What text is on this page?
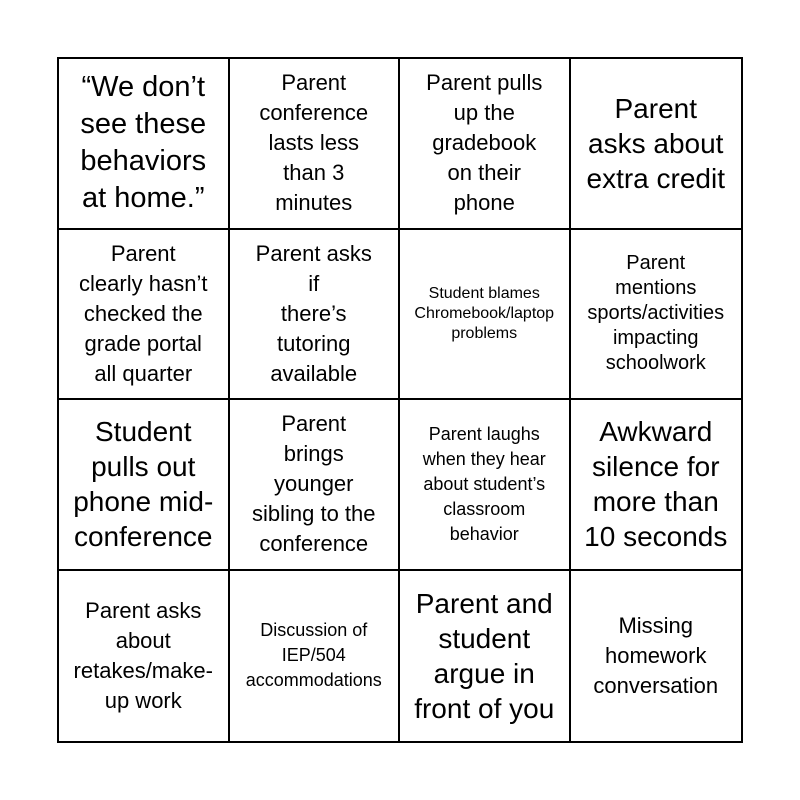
“We don’t
see these
behaviors
at home.”
Parent
conference
lasts less
than 3
minutes
Parent pulls
up the
gradebook
on their
phone
Parent
asks about
extra credit
Parent
clearly hasn’t
checked the
grade portal
all quarter
Parent asks
if
there’s
tutoring
available
Student blames
Chromebook/laptop
problems
Parent
mentions
sports/activities
impacting
schoolwork
Student
pulls out
phone mid-
conference
Parent
brings
younger
sibling to the
conference
Parent laughs
when they hear
about student’s
classroom
behavior
Awkward
silence for
more than
10 seconds
Parent asks
about
retakes/make-
up work
Discussion of
IEP/504
accommodations
Parent and
student
argue in
front of you
Missing
homework
conversation
